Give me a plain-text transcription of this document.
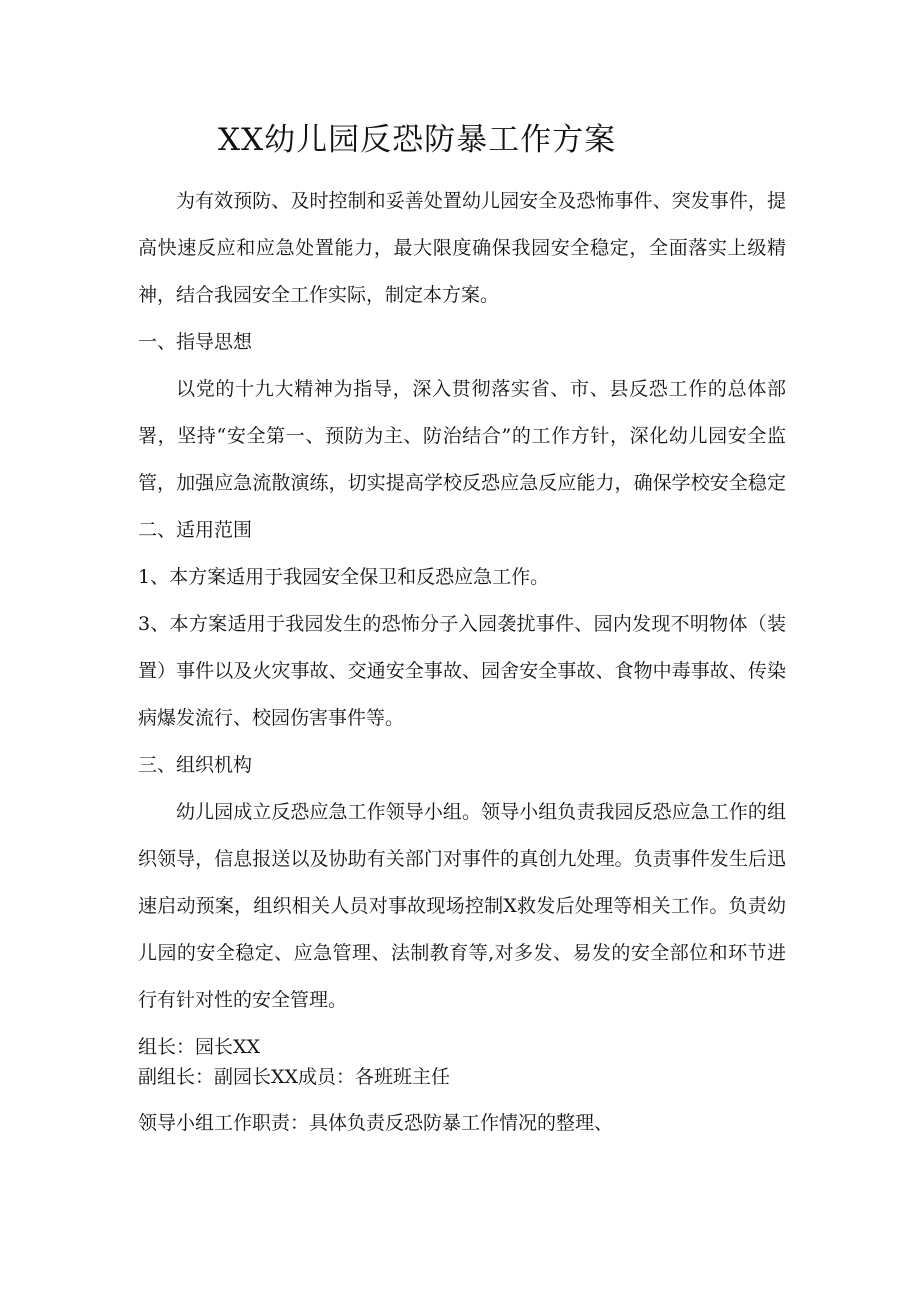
XX幼儿园反恐防暴工作方案

为有效预防、及时控制和妥善处置幼儿园安全及恐怖事件、突发事件，提高快速反应和应急处置能力，最大限度确保我园安全稳定，全面落实上级精神，结合我园安全工作实际，制定本方案。

一、指导思想

以党的十九大精神为指导，深入贯彻落实省、市、县反恐工作的总体部署，坚持“安全第一、预防为主、防治结合”的工作方针，深化幼儿园安全监管，加强应急流散演练，切实提高学校反恐应急反应能力，确保学校安全稳定二、适用范围

1、本方案适用于我园安全保卫和反恐应急工作。

3、本方案适用于我园发生的恐怖分子入园袭扰事件、园内发现不明物体（装置）事件以及火灾事故、交通安全事故、园舍安全事故、食物中毒事故、传染病爆发流行、校园伤害事件等。

三、组织机构

幼儿园成立反恐应急工作领导小组。领导小组负责我园反恐应急工作的组织领导，信息报送以及协助有关部门对事件的真创九处理。负责事件发生后迅速启动预案，组织相关人员对事故现场控制X救发后处理等相关工作。负责幼儿园的安全稳定、应急管理、法制教育等,对多发、易发的安全部位和环节进行有针对性的安全管理。

组长：园长XX

副组长：副园长XX成员：各班班主任

领导小组工作职责：具体负责反恐防暴工作情况的整理、
